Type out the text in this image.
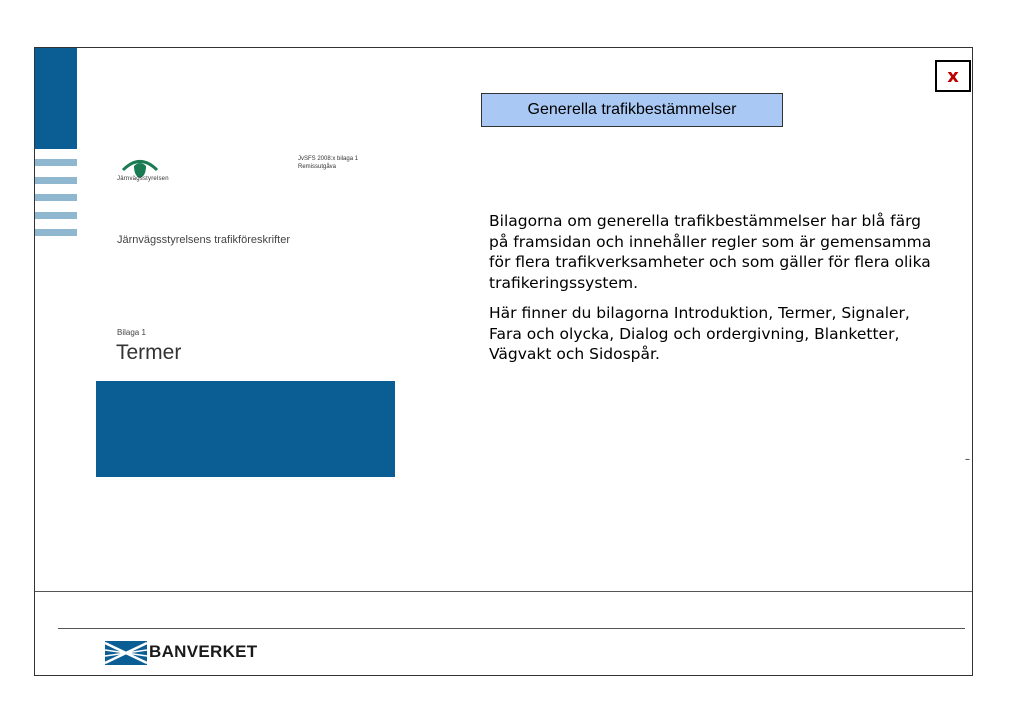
x
Generella trafikbestämmelser
Järnvägsstyrelsen
JvSFS 2008:x bilaga 1
Remissutgåva
Järnvägsstyrelsens trafikföreskrifter
Bilaga 1
Termer

Bilagorna om generella trafikbestämmelser har blå färg på framsidan och innehåller regler som är gemensamma för flera trafikverksamheter och som gäller för flera olika trafikeringssystem.

Här finner du bilagorna Introduktion, Termer, Signaler, Fara och olycka, Dialog och ordergivning, Blanketter, Vägvakt och Sidospår.

–
BANVERKET
